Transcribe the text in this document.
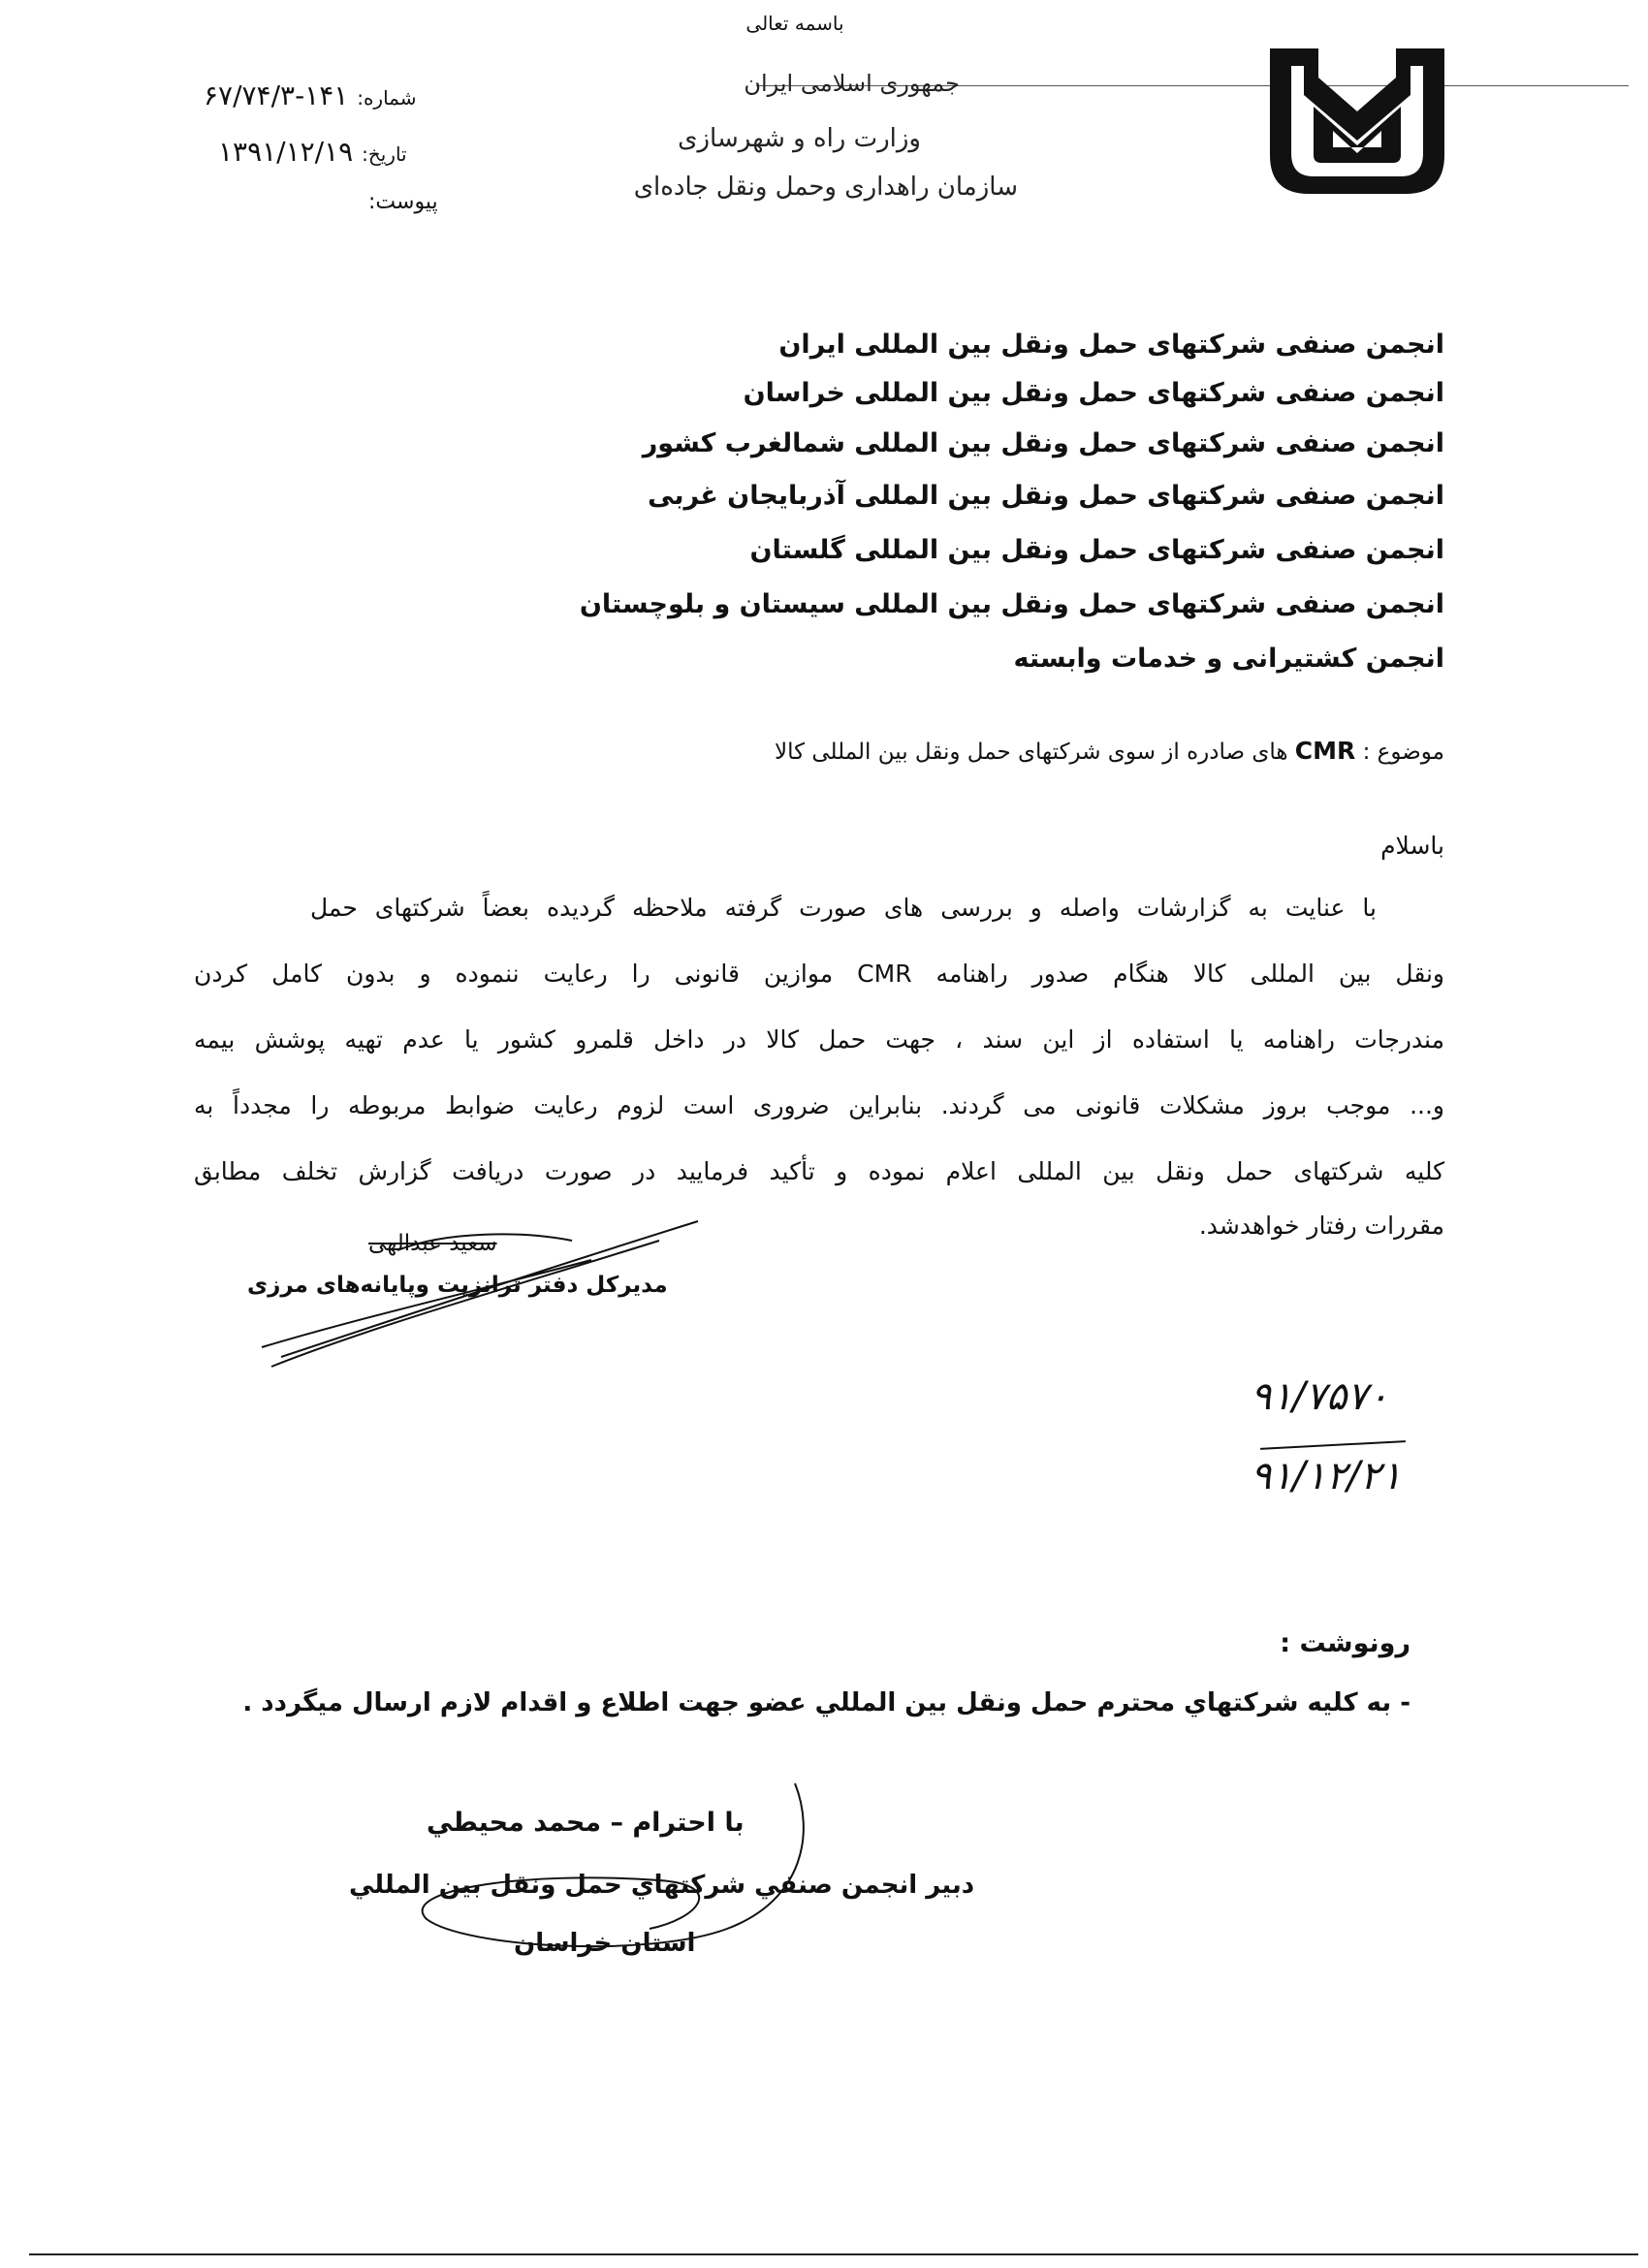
باسمه تعالی
جمهوری اسلامی ایران
وزارت راه و شهرسازی
سازمان راهداری وحمل ونقل جاده‌ای
شماره: ۱۴۱-۶۷/۷۴/۳
تاریخ: ۱۳۹۱/۱۲/۱۹
پیوست:
انجمن صنفی شرکتهای حمل ونقل بین المللی ایران
انجمن صنفی شرکتهای حمل ونقل بین المللی خراسان
انجمن صنفی شرکتهای حمل ونقل بین المللی شمالغرب کشور
انجمن صنفی شرکتهای حمل ونقل بین المللی آذربایجان غربی
انجمن صنفی شرکتهای حمل ونقل بین المللی گلستان
انجمن صنفی شرکتهای حمل ونقل بین المللی سیستان و بلوچستان
انجمن کشتیرانی و خدمات وابسته
موضوع : CMR های صادره از سوی شرکتهای حمل ونقل بین المللی کالا
باسلام
با عنایت به گزارشات واصله و بررسی های صورت گرفته ملاحظه گردیده بعضاً شرکتهای حمل
ونقل بین المللی کالا هنگام صدور راهنامه CMR موازین قانونی را رعایت ننموده و بدون کامل کردن
مندرجات راهنامه یا استفاده از این سند ، جهت حمل کالا در داخل قلمرو کشور یا عدم تهیه پوشش بیمه
و... موجب بروز مشکلات قانونی می گردند. بنابراین ضروری است لزوم رعایت ضوابط مربوطه را مجدداً به
کلیه شرکتهای حمل ونقل بین المللی اعلام نموده و تأکید فرمایید در صورت دریافت گزارش تخلف مطابق
مقررات رفتار خواهدشد.
سعید عبدالهی
مدیرکل دفتر ترانزیت وپایانه‌های مرزی
۹۱/۷۵۷۰
۹۱/۱۲/۲۱
رونوشت :
- به کلیه شرکتهاي محترم حمل ونقل بین المللي عضو جهت اطلاع و اقدام لازم ارسال میگردد .
با احترام – محمد محیطي
دبیر انجمن صنفي شرکتهاي حمل ونقل بین المللي
استان خراسان
